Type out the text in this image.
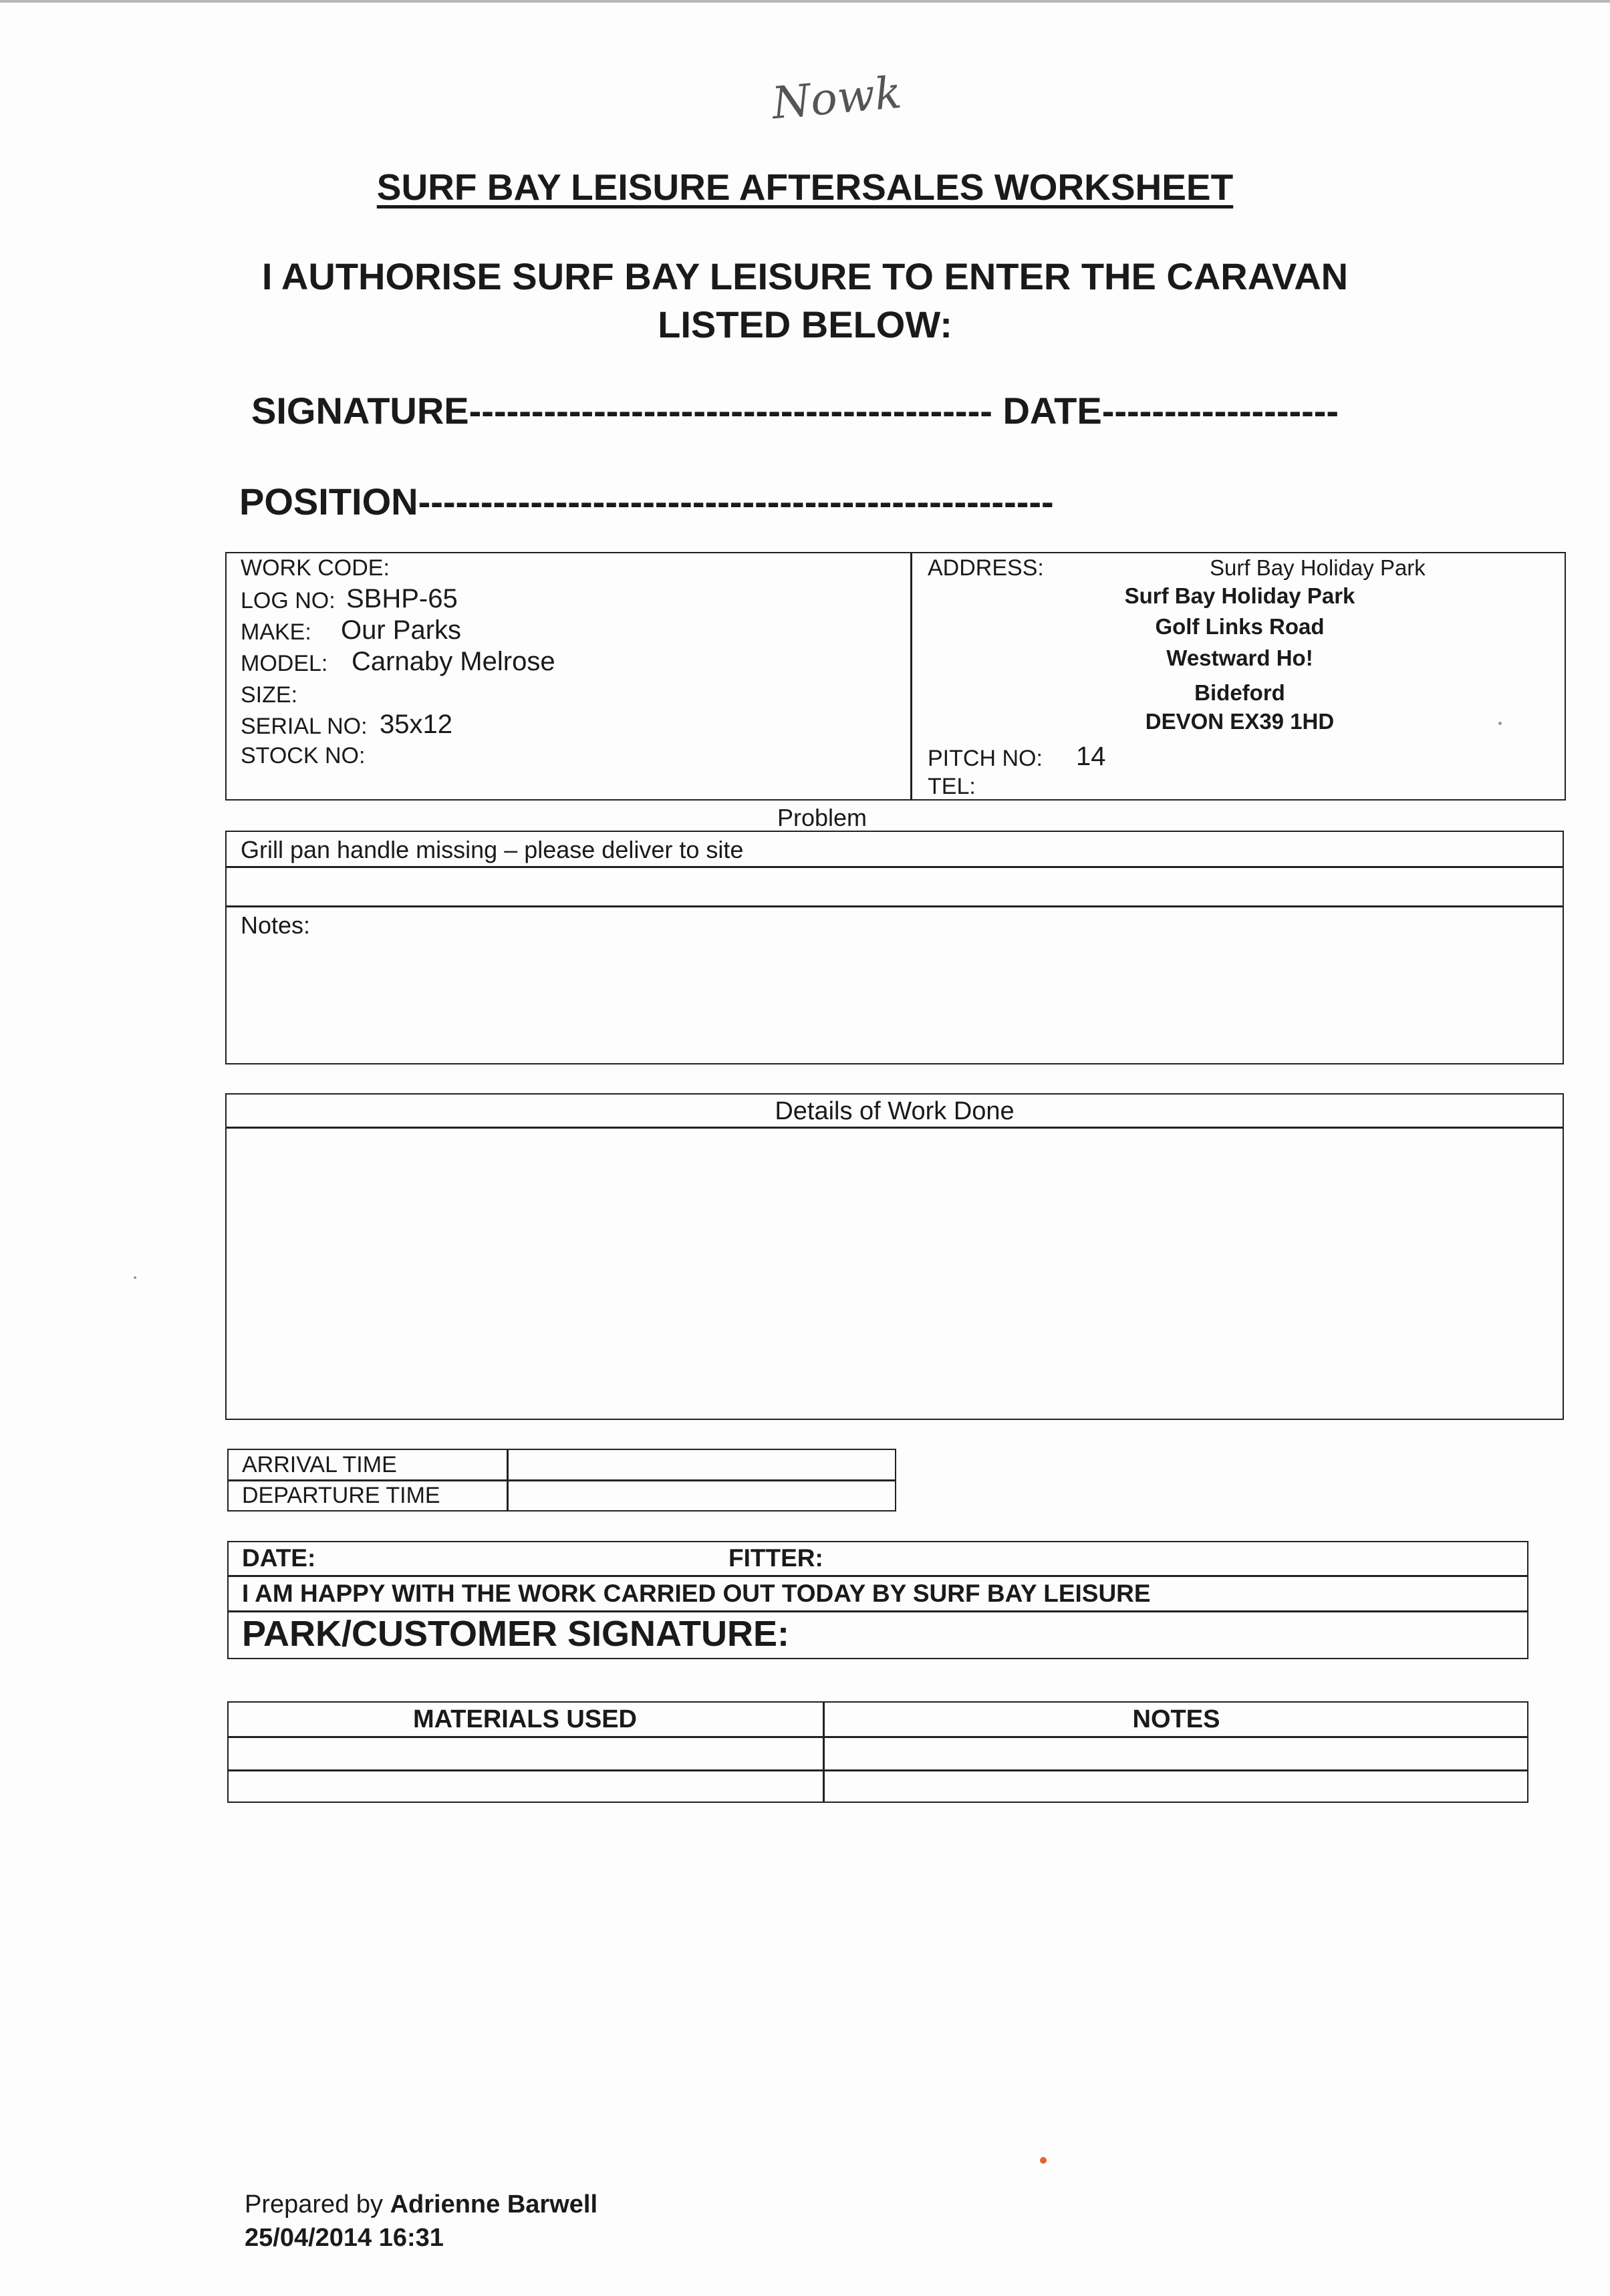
Nowk
SURF BAY LEISURE AFTERSALES WORKSHEET
I AUTHORISE SURF BAY LEISURE TO ENTER THE CARAVAN
LISTED BELOW:
SIGNATURE------------------------------------------ DATE-------------------
POSITION---------------------------------------------------
WORK CODE:
LOG NO: SBHP-65
MAKE: Our Parks
MODEL: Carnaby Melrose
SIZE:
SERIAL NO: 35x12
STOCK NO:
ADDRESS:	Surf Bay Holiday Park
Surf Bay Holiday Park
Golf Links Road
Westward Ho!
Bideford
DEVON EX39 1HD
PITCH NO: 14
TEL:
Problem
Grill pan handle missing – please deliver to site
Notes:
Details of Work Done
ARRIVAL TIME
DEPARTURE TIME
DATE:	FITTER:
I AM HAPPY WITH THE WORK CARRIED OUT TODAY BY SURF BAY LEISURE
PARK/CUSTOMER SIGNATURE:
MATERIALS USED	NOTES
Prepared by Adrienne Barwell
25/04/2014 16:31
